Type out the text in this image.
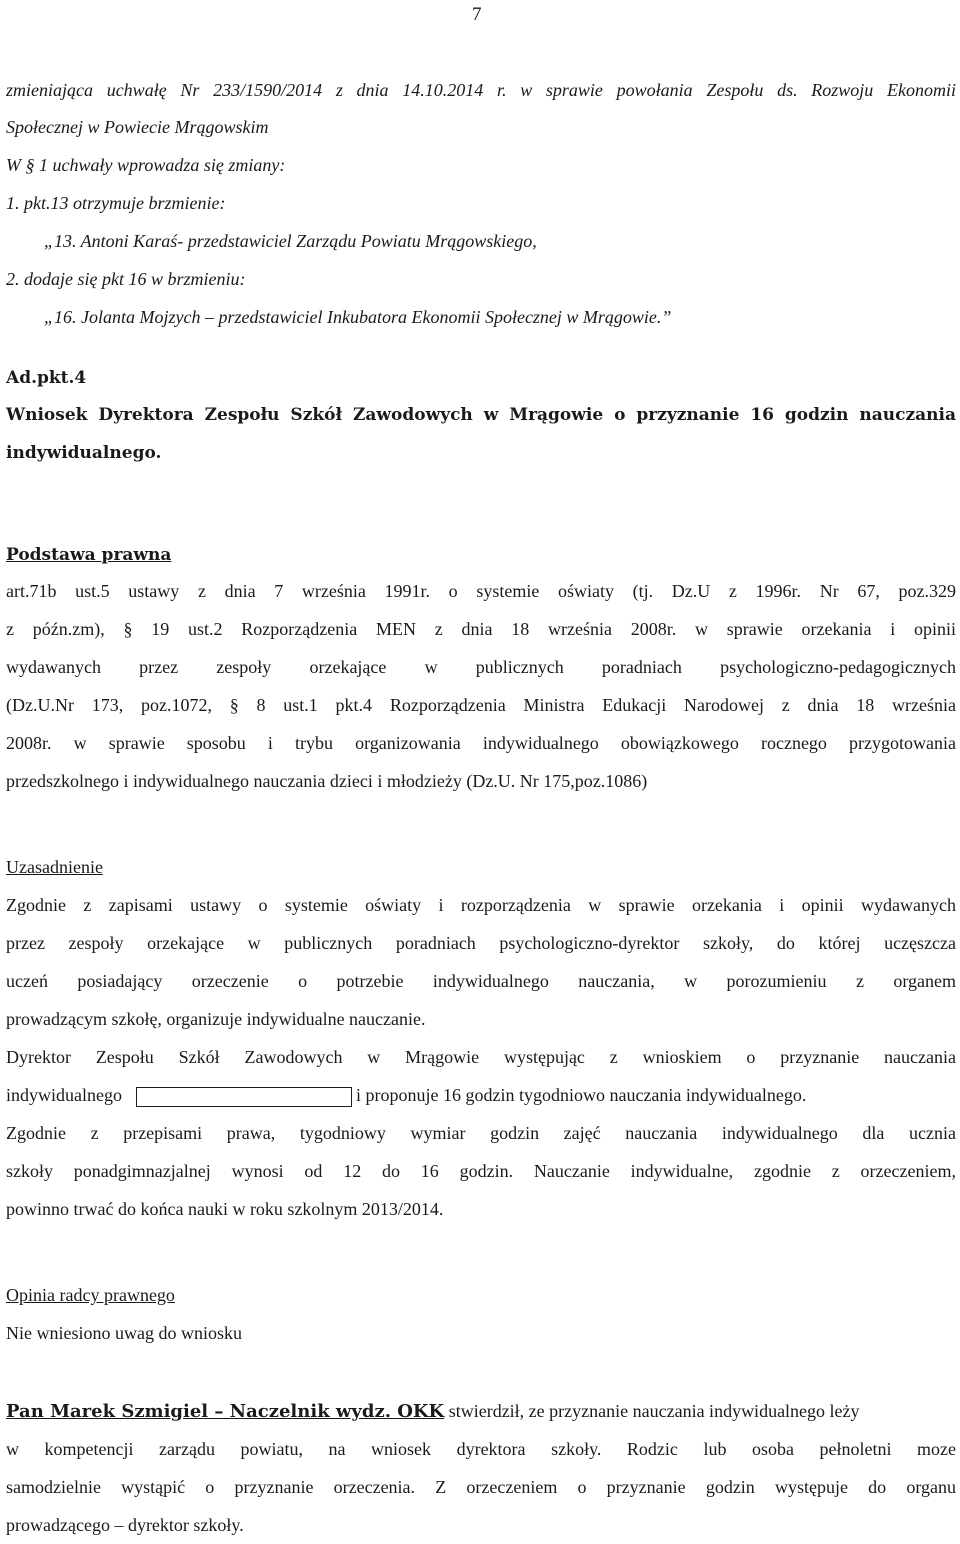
7
zmieniająca uchwałę Nr 233/1590/2014 z dnia 14.10.2014 r. w sprawie powołania Zespołu ds. Rozwoju Ekonomii
Społecznej w Powiecie Mrągowskim
W § 1 uchwały wprowadza się zmiany:
1. pkt.13 otrzymuje brzmienie:
„13. Antoni Karaś- przedstawiciel Zarządu Powiatu Mrągowskiego,
2. dodaje się pkt 16 w brzmieniu:
„16. Jolanta Mojzych – przedstawiciel Inkubatora Ekonomii Społecznej w Mrągowie.”
Ad.pkt.4
Wniosek Dyrektora Zespołu Szkół Zawodowych w Mrągowie o przyznanie 16 godzin nauczania
indywidualnego.
Podstawa prawna
art.71b ust.5 ustawy z dnia 7 września 1991r. o systemie oświaty (tj. Dz.U z 1996r. Nr 67, poz.329
z późn.zm), § 19 ust.2 Rozporządzenia MEN z dnia 18 września 2008r. w sprawie orzekania i opinii
wydawanych przez zespoły orzekające w publicznych poradniach psychologiczno-pedagogicznych
(Dz.U.Nr 173, poz.1072, § 8 ust.1 pkt.4 Rozporządzenia Ministra Edukacji Narodowej z dnia 18 września
2008r. w sprawie sposobu i trybu organizowania indywidualnego obowiązkowego rocznego przygotowania
przedszkolnego i indywidualnego nauczania dzieci i młodzieży (Dz.U. Nr 175,poz.1086)
Uzasadnienie
Zgodnie z zapisami ustawy o systemie oświaty i rozporządzenia w sprawie orzekania i opinii wydawanych
przez zespoły orzekające w publicznych poradniach psychologiczno-dyrektor szkoły, do której uczęszcza
uczeń posiadający orzeczenie o potrzebie indywidualnego nauczania, w porozumieniu z organem
prowadzącym szkołę, organizuje indywidualne nauczanie.
Dyrektor Zespołu Szkół Zawodowych w Mrągowie występując z wnioskiem o przyznanie nauczania
indywidualnego	i proponuje 16 godzin tygodniowo nauczania indywidualnego.
Zgodnie z przepisami prawa, tygodniowy wymiar godzin zajęć nauczania indywidualnego dla ucznia
szkoły ponadgimnazjalnej wynosi od 12 do 16 godzin. Nauczanie indywidualne, zgodnie z orzeczeniem,
powinno trwać do końca nauki w roku szkolnym 2013/2014.
Opinia radcy prawnego
Nie wniesiono uwag do wniosku
Pan Marek Szmigiel – Naczelnik wydz. OKK stwierdził, ze przyznanie nauczania indywidualnego leży
w kompetencji zarządu powiatu, na wniosek dyrektora szkoły. Rodzic lub osoba pełnoletni moze
samodzielnie wystąpić o przyznanie orzeczenia. Z orzeczeniem o przyznanie godzin występuje do organu
prowadzącego – dyrektor szkoły.
